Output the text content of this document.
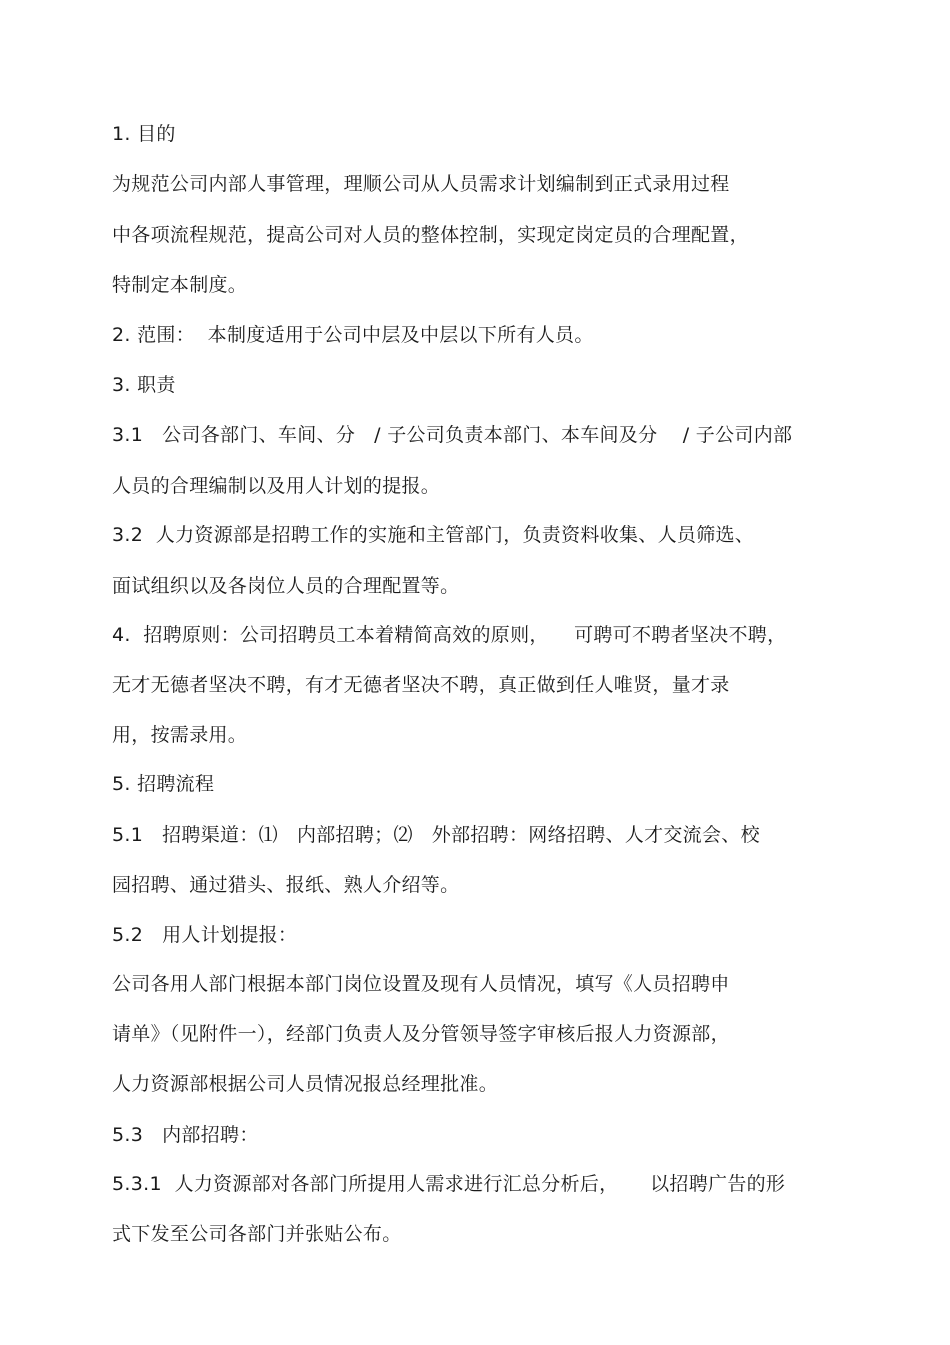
1. 目的
为规范公司内部人事管理，理顺公司从人员需求计划编制到正式录用过程
中各项流程规范，提高公司对人员的整体控制，实现定岗定员的合理配置，
特制定本制度。
2. 范围：  本制度适用于公司中层及中层以下所有人员。
3. 职责
3.1   公司各部门、车间、分   / 子公司负责本部门、本车间及分    / 子公司内部
人员的合理编制以及用人计划的提报。
3.2  人力资源部是招聘工作的实施和主管部门，负责资料收集、人员筛选、
面试组织以及各岗位人员的合理配置等。
4.  招聘原则：公司招聘员工本着精简高效的原则，    可聘可不聘者坚决不聘，
无才无德者坚决不聘，有才无德者坚决不聘，真正做到任人唯贤，量才录
用，按需录用。
5. 招聘流程
5.1   招聘渠道：⑴   内部招聘；⑵   外部招聘：网络招聘、人才交流会、校
园招聘、通过猎头、报纸、熟人介绍等。
5.2   用人计划提报：
公司各用人部门根据本部门岗位设置及现有人员情况，填写《人员招聘申
请单》（见附件一），经部门负责人及分管领导签字审核后报人力资源部，
人力资源部根据公司人员情况报总经理批准。
5.3   内部招聘：
5.3.1  人力资源部对各部门所提用人需求进行汇总分析后，     以招聘广告的形
式下发至公司各部门并张贴公布。
